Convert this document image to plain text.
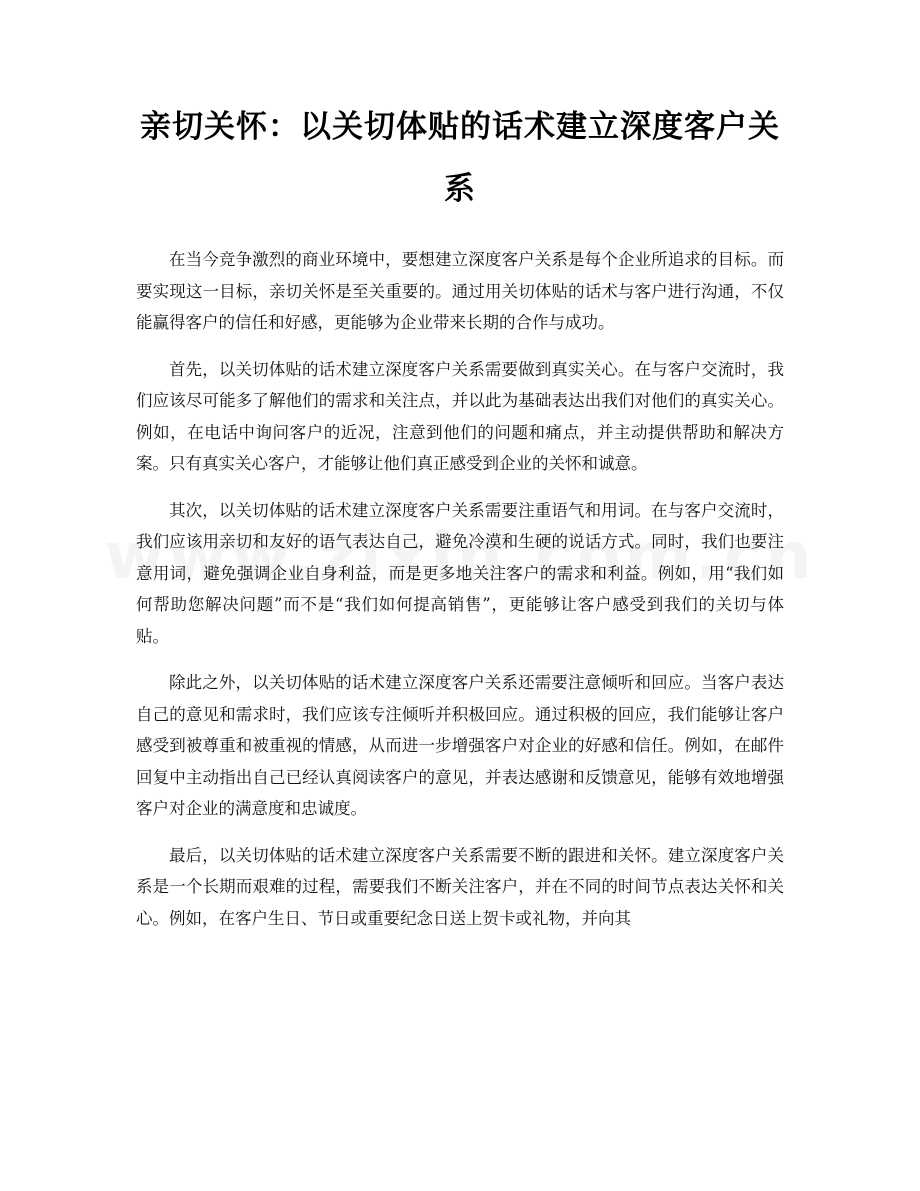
亲切关怀：以关切体贴的话术建立深度客户关系

在当今竞争激烈的商业环境中，要想建立深度客户关系是每个企业所追求的目标。而要实现这一目标，亲切关怀是至关重要的。通过用关切体贴的话术与客户进行沟通，不仅能赢得客户的信任和好感，更能够为企业带来长期的合作与成功。

首先，以关切体贴的话术建立深度客户关系需要做到真实关心。在与客户交流时，我们应该尽可能多了解他们的需求和关注点，并以此为基础表达出我们对他们的真实关心。例如，在电话中询问客户的近况，注意到他们的问题和痛点，并主动提供帮助和解决方案。只有真实关心客户，才能够让他们真正感受到企业的关怀和诚意。

其次，以关切体贴的话术建立深度客户关系需要注重语气和用词。在与客户交流时，我们应该用亲切和友好的语气表达自己，避免冷漠和生硬的说话方式。同时，我们也要注意用词，避免强调企业自身利益，而是更多地关注客户的需求和利益。例如，用“我们如何帮助您解决问题”而不是“我们如何提高销售”，更能够让客户感受到我们的关切与体贴。

除此之外，以关切体贴的话术建立深度客户关系还需要注意倾听和回应。当客户表达自己的意见和需求时，我们应该专注倾听并积极回应。通过积极的回应，我们能够让客户感受到被尊重和被重视的情感，从而进一步增强客户对企业的好感和信任。例如，在邮件回复中主动指出自己已经认真阅读客户的意见，并表达感谢和反馈意见，能够有效地增强客户对企业的满意度和忠诚度。

最后，以关切体贴的话术建立深度客户关系需要不断的跟进和关怀。建立深度客户关系是一个长期而艰难的过程，需要我们不断关注客户，并在不同的时间节点表达关怀和关心。例如，在客户生日、节日或重要纪念日送上贺卡或礼物，并向其
